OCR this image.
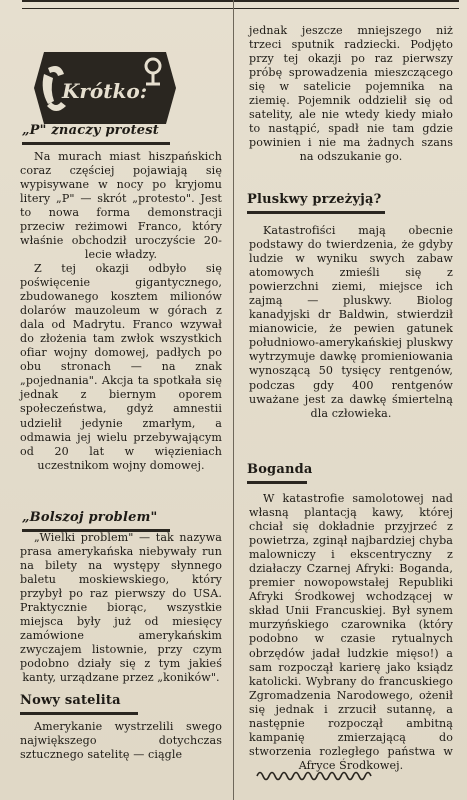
Krótko:
„P" znaczy protest
Na murach miast hiszpańskich coraz częściej pojawiają się wypisywane w nocy po kryjomu litery „P" — skrót „protesto". Jest to nowa forma demonstracji przeciw reżimowi Franco, który właśnie obchodził uroczyście 20-lecie władzy.
Z tej okazji odbyło się poświęcenie gigantycznego, zbudowanego kosztem milionów dolarów mauzoleum w górach z dala od Madrytu. Franco wzywał do złożenia tam zwłok wszystkich ofiar wojny domowej, padłych po obu stronach — na znak „pojednania". Akcja ta spotkała się jednak z biernym oporem społeczeństwa, gdyż amnestii udzielił jedynie zmarłym, a odmawia jej wielu przebywającym od 20 lat w więzieniach uczestnikom wojny domowej.
„Bolszoj problem"
„Wielki problem" — tak nazywa prasa amerykańska niebywały run na bilety na występy słynnego baletu moskiewskiego, który przybył po raz pierwszy do USA. Praktycznie biorąc, wszystkie miejsca były już od miesięcy zamówione amerykańskim zwyczajem listownie, przy czym podobno działy się z tym jakieś kanty, urządzane przez „koników".
Nowy satelita
Amerykanie wystrzelili swego największego dotychczas sztucznego satelitę — ciągle
jednak jeszcze mniejszego niż trzeci sputnik radziecki. Podjęto przy tej okazji po raz pierwszy próbę sprowadzenia mieszczącego się w satelicie pojemnika na ziemię. Pojemnik oddzielił się od satelity, ale nie wtedy kiedy miało to nastąpić, spadł nie tam gdzie powinien i nie ma żadnych szans na odszukanie go.
Pluskwy przeżyją?
Katastrofiści mają obecnie podstawy do twierdzenia, że gdyby ludzie w wyniku swych zabaw atomowych zmieśli się z powierzchni ziemi, miejsce ich zajmą — pluskwy. Biolog kanadyjski dr Baldwin, stwierdził mianowicie, że pewien gatunek południowo-amerykańskiej pluskwy wytrzymuje dawkę promieniowania wynoszącą 50 tysięcy rentgenów, podczas gdy 400 rentgenów uważane jest za dawkę śmiertelną dla człowieka.
Boganda
W katastrofie samolotowej nad własną plantacją kawy, której chciał się dokładnie przyjrzeć z powietrza, zginął najbardziej chyba malowniczy i ekscentryczny z działaczy Czarnej Afryki: Boganda, premier nowopowstałej Republiki Afryki Środkowej wchodzącej w skład Unii Francuskiej. Był synem murzyńskiego czarownika (który podobno w czasie rytualnych obrzędów jadał ludzkie mięso!) a sam rozpoczął karierę jako ksiądz katolicki. Wybrany do francuskiego Zgromadzenia Narodowego, ożenił się jednak i zrzucił sutannę, a następnie rozpoczął ambitną kampanię zmierzającą do stworzenia rozległego państwa w Afryce Środkowej.
